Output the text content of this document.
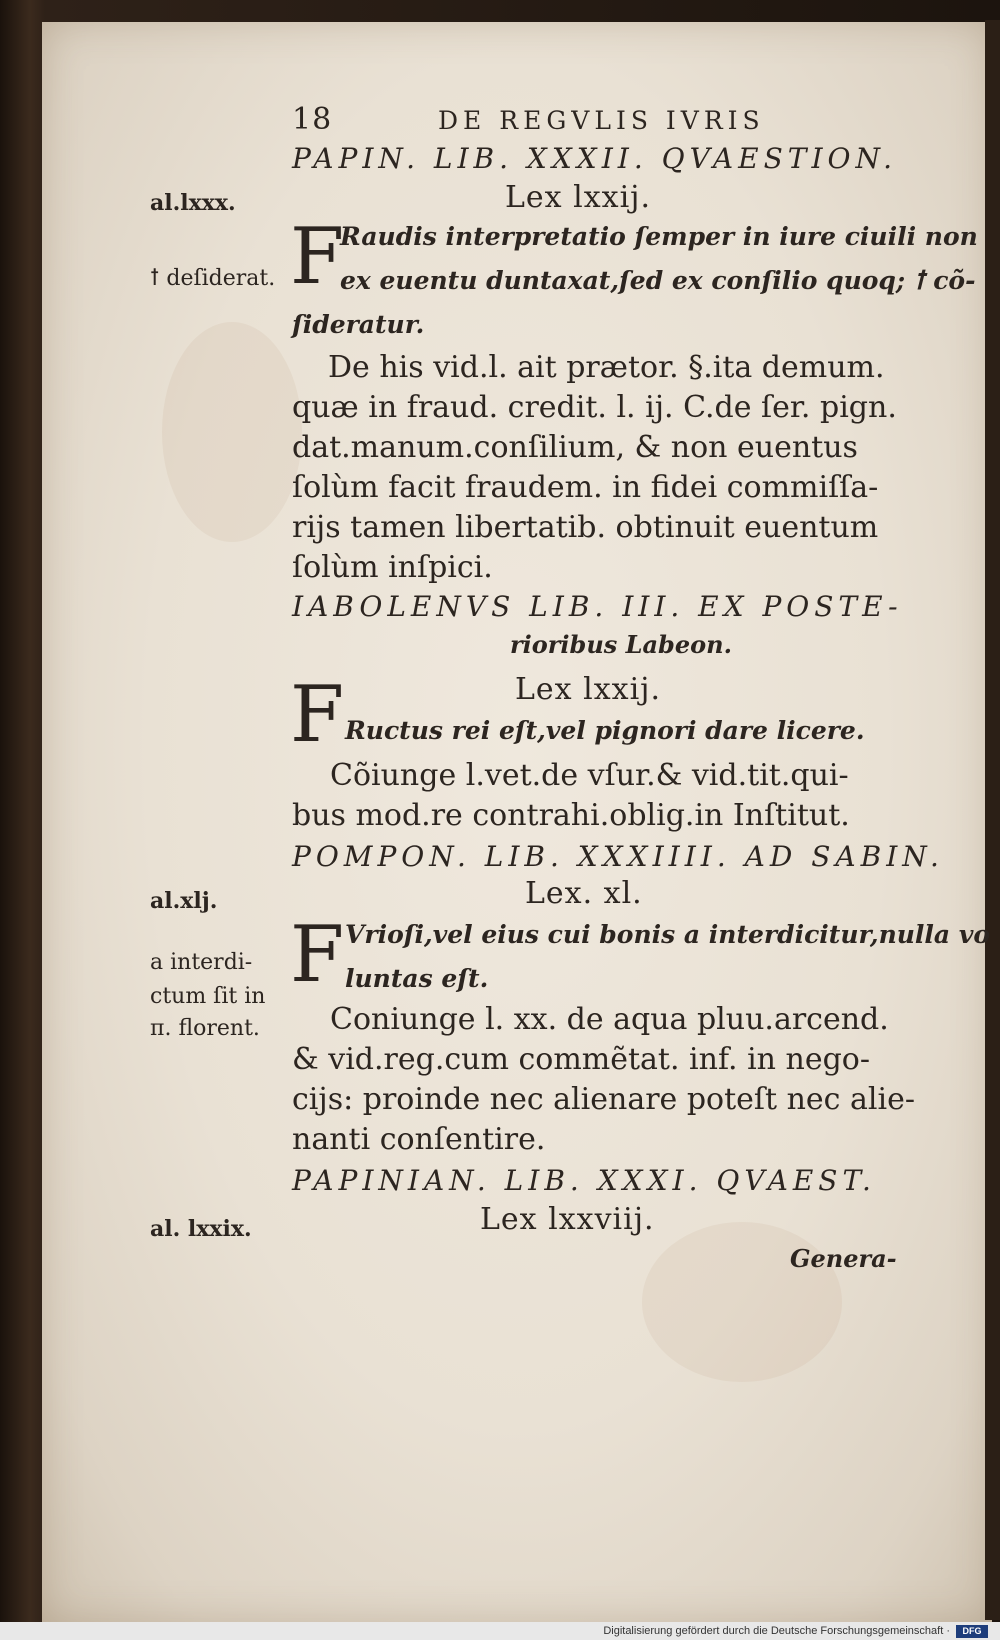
18	DE REGVLIS IVRIS
PAPIN. LIB. XXXII. QVAESTION.
al.lxxx.	Lex lxxij.
F
Raudis interpretatio ſemper in iure ciuili non
ꝉ deſiderat.	ex euentu duntaxat,ſed ex conſilio quoq; ꝉ cõ-
ſideratur.
De his vid.l. ait prætor. §.ita demum.
quæ in fraud. credit. l. ij. C.de ſer. pign.
dat.manum.conſilium, & non euentus
ſolùm facit fraudem. in fidei commiſſa-
rijs tamen libertatib. obtinuit euentum
ſolùm inſpici.
IABOLENVS LIB. III. EX POSTE-
rioribus Labeon.
F	Lex lxxij.
Ructus rei eſt,vel pignori dare licere.
Cõiunge l.vet.de vſur.& vid.tit.qui-
bus mod.re contrahi.oblig.in Inſtitut.
POMPON. LIB. XXXIIII. AD SABIN.
al.xlj.	Lex. xl.
F Vrioſi,vel eius cui bonis a interdicitur,nulla vo
a interdi-
luntas eſt.
ctum ſit in
π. florent. Coniunge l. xx. de aqua pluu.arcend.
& vid.reg.cum commẽtat. inf. in nego-
cijs: proinde nec alienare poteſt nec alie-
nanti conſentire.
PAPINIAN. LIB. XXXI. QVAEST.
al. lxxix.	Lex lxxviij.
Genera-
Digitalisierung gefördert durch die Deutsche Forschungsgemeinschaft ·	DFG
